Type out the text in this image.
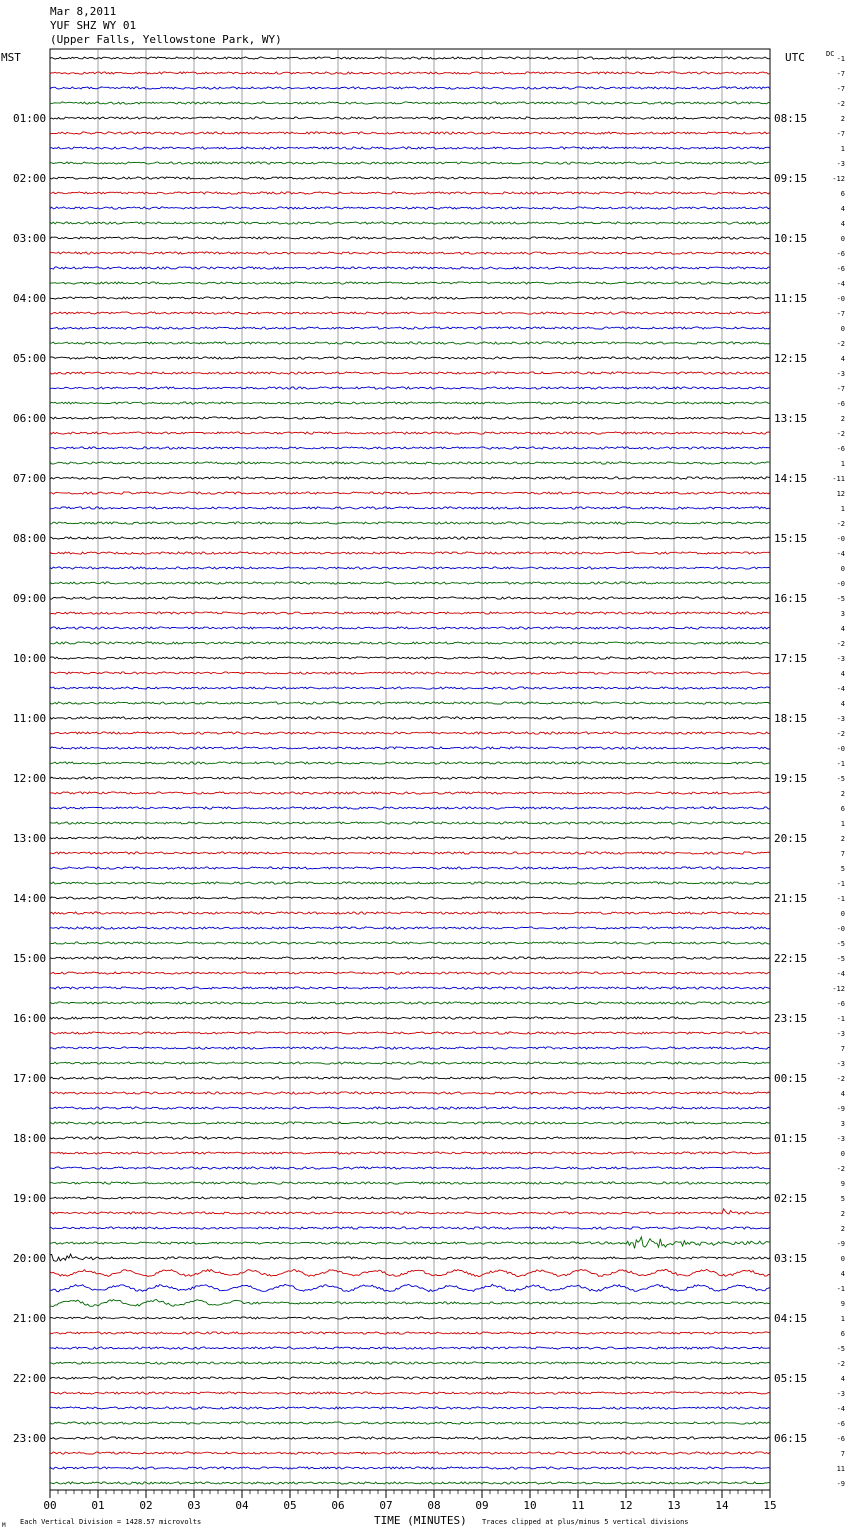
Mar 8,2011
YUF SHZ WY 01
(Upper Falls, Yellowstone Park, WY)
00	01	02	03	04	05	06	07	08	09	10	11	12	13	14	15
-1
-7
-7
-2
2
01:00	08:15
-7
1
-3
-12
02:00	09:15
6
4
4
0
03:00	10:15
-6
-6
-4
-0
04:00	11:15
-7
0
-2
4
05:00	12:15
-3
-7
-6
2
06:00	13:15
-2
-6
1
-11
07:00	14:15
12
1
-2
-0
08:00	15:15
-4
0
-0
-5
09:00	16:15
3
4
-2
-3
10:00	17:15
4
-4
4
-3
11:00	18:15
-2
-0
-1
-5
12:00	19:15
2
6
1
2
13:00	20:15
7
5
-1
-1
14:00	21:15
0
-0
-5
-5
15:00	22:15
-4
-12
-6
-1
16:00	23:15
-3
7
-3
-2
17:00	00:15
4
-9
3
-3
18:00	01:15
0
-2
9
5
19:00	02:15
2
2
-9
0
20:00	03:15
4
-1
9
1
21:00	04:15
6
-5
-2
4
22:00	05:15
-3
-4
-6
-6
23:00	06:15
7
11
-9
MST	UTC	DC
TIME (MINUTES)
Each Vertical Division = 1428.57 microvolts	Traces clipped at plus/minus 5 vertical divisions
M
